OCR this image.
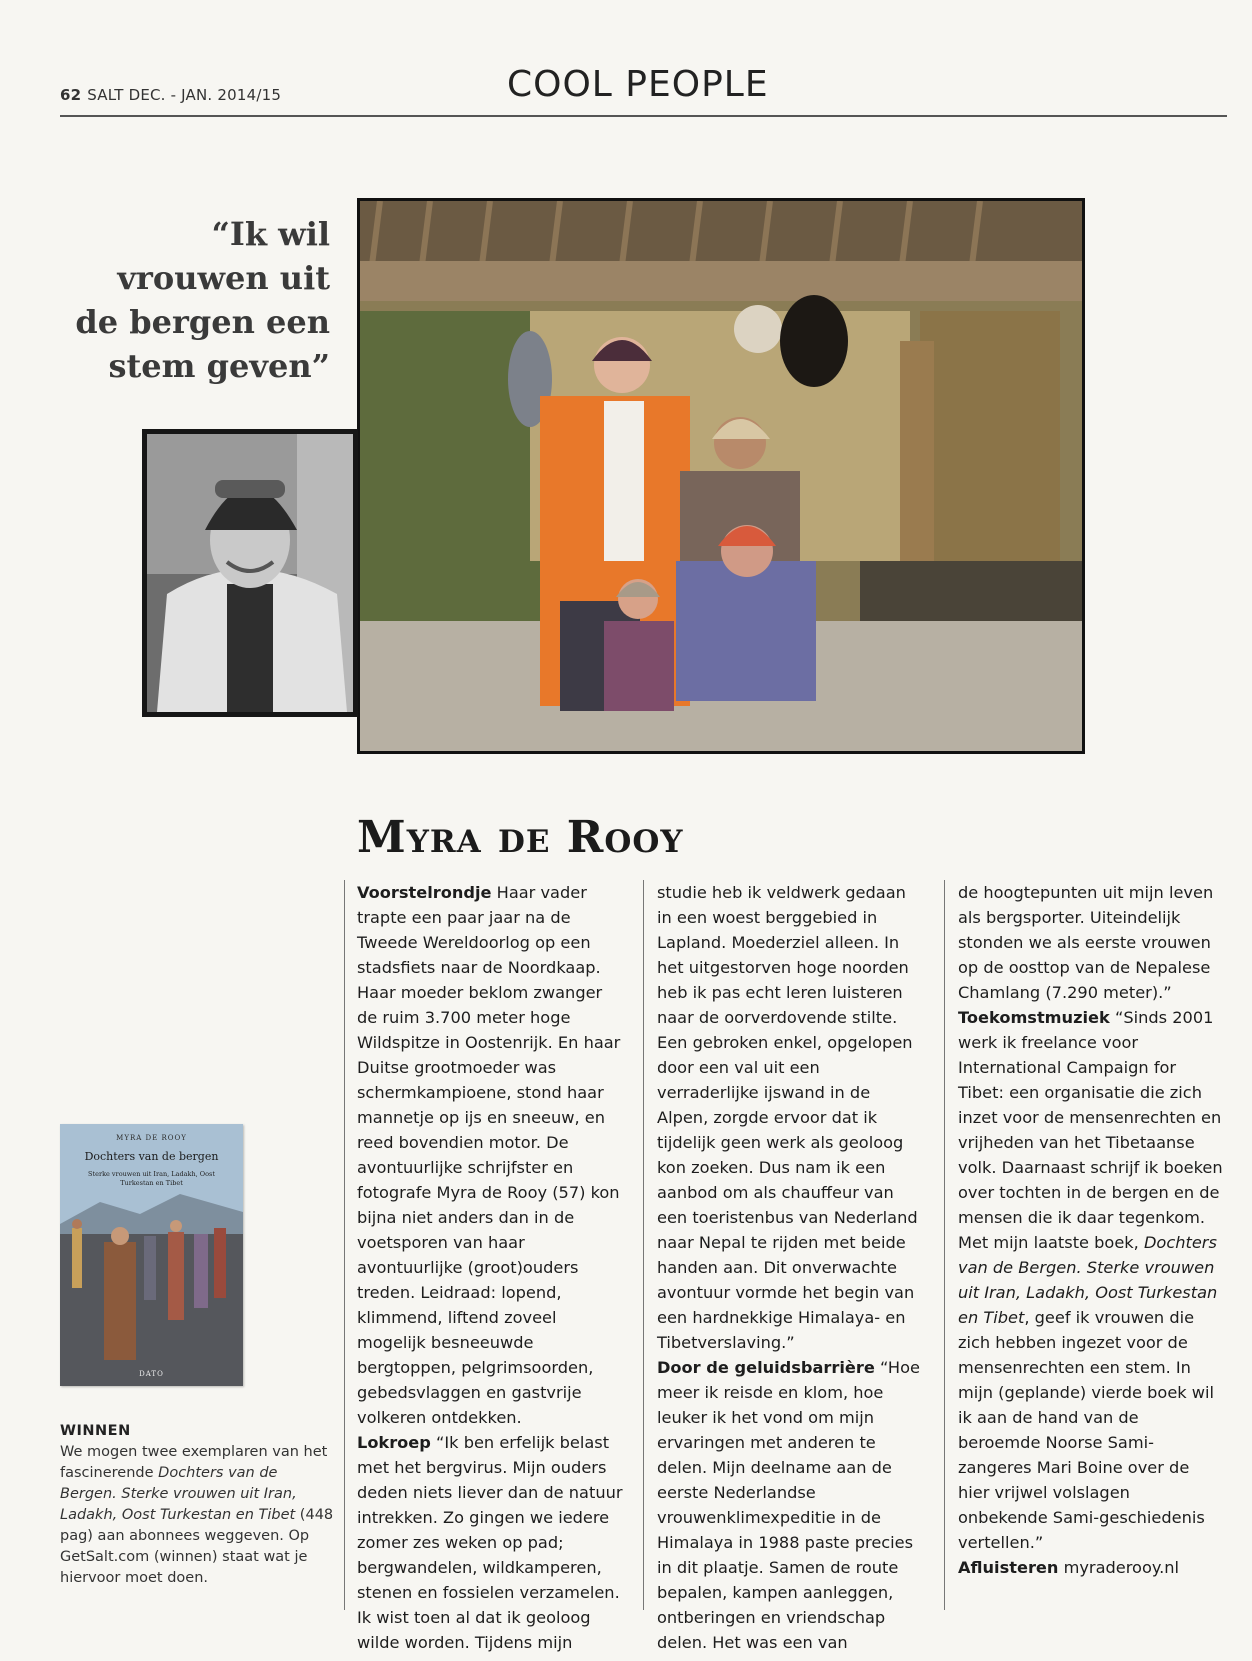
62 SALT DEC. - JAN. 2014/15	COOL PEOPLE
“Ik wil
vrouwen uit
de bergen een
stem geven”
Myra de Rooy

Voorstelrondje Haar vader trapte een paar jaar na de Tweede Wereldoorlog op een stadsfiets naar de Noordkaap. Haar moeder beklom zwanger de ruim 3.700 meter hoge Wildspitze in Oostenrijk. En haar Duitse grootmoeder was schermkampioene, stond haar mannetje op ijs en sneeuw, en reed bovendien motor. De avontuurlijke schrijfster en fotografe Myra de Rooy (57) kon bijna niet anders dan in de voetsporen van haar avontuurlijke (groot)ouders treden. Leidraad: lopend, klimmend, liftend zoveel mogelijk besneeuwde bergtoppen, pelgrimsoorden, gebedsvlaggen en gastvrije volkeren ontdekken.

Lokroep “Ik ben erfelijk belast met het bergvirus. Mijn ouders deden niets liever dan de natuur intrekken. Zo gingen we iedere zomer zes weken op pad; bergwandelen, wildkamperen, stenen en fossielen verzamelen. Ik wist toen al dat ik geoloog wilde worden. Tijdens mijn

studie heb ik veldwerk gedaan in een woest berggebied in Lapland. Moederziel alleen. In het uitgestorven hoge noorden heb ik pas echt leren luisteren naar de oorverdovende stilte. Een gebroken enkel, opgelopen door een val uit een verraderlijke ijswand in de Alpen, zorgde ervoor dat ik tijdelijk geen werk als geoloog kon zoeken. Dus nam ik een aanbod om als chauffeur van een toeristenbus van Nederland naar Nepal te rijden met beide handen aan. Dit onverwachte avontuur vormde het begin van een hardnekkige Himalaya- en Tibetverslaving.”

Door de geluidsbarrière “Hoe meer ik reisde en klom, hoe leuker ik het vond om mijn ervaringen met anderen te delen. Mijn deelname aan de eerste Nederlandse vrouwenklimexpeditie in de Himalaya in 1988 paste precies in dit plaatje. Samen de route bepalen, kampen aanleggen, ontberingen en vriendschap delen. Het was een van

de hoogtepunten uit mijn leven als bergsporter. Uiteindelijk stonden we als eerste vrouwen op de oosttop van de Nepalese Chamlang (7.290 meter).”

Toekomstmuziek “Sinds 2001 werk ik freelance voor International Campaign for Tibet: een organisatie die zich inzet voor de mensenrechten en vrijheden van het Tibetaanse volk. Daarnaast schrijf ik boeken over tochten in de bergen en de mensen die ik daar tegenkom. Met mijn laatste boek, Dochters van de Bergen. Sterke vrouwen uit Iran, Ladakh, Oost Turkestan en Tibet, geef ik vrouwen die zich hebben ingezet voor de mensenrechten een stem. In mijn (geplande) vierde boek wil ik aan de hand van de beroemde Noorse Sami-zangeres Mari Boine over de hier vrijwel volslagen onbekende Sami-geschiedenis vertellen.”

Afluisteren myraderooy.nl

MYRA DE ROOY
Dochters van de bergen
Sterke vrouwen uit Iran, Ladakh, Oost Turkestan en Tibet
DATO
WINNEN

We mogen twee exemplaren van het fascinerende Dochters van de Bergen. Sterke vrouwen uit Iran, Ladakh, Oost Turkestan en Tibet (448 pag) aan abonnees weggeven. Op GetSalt.com (winnen) staat wat je hiervoor moet doen.
